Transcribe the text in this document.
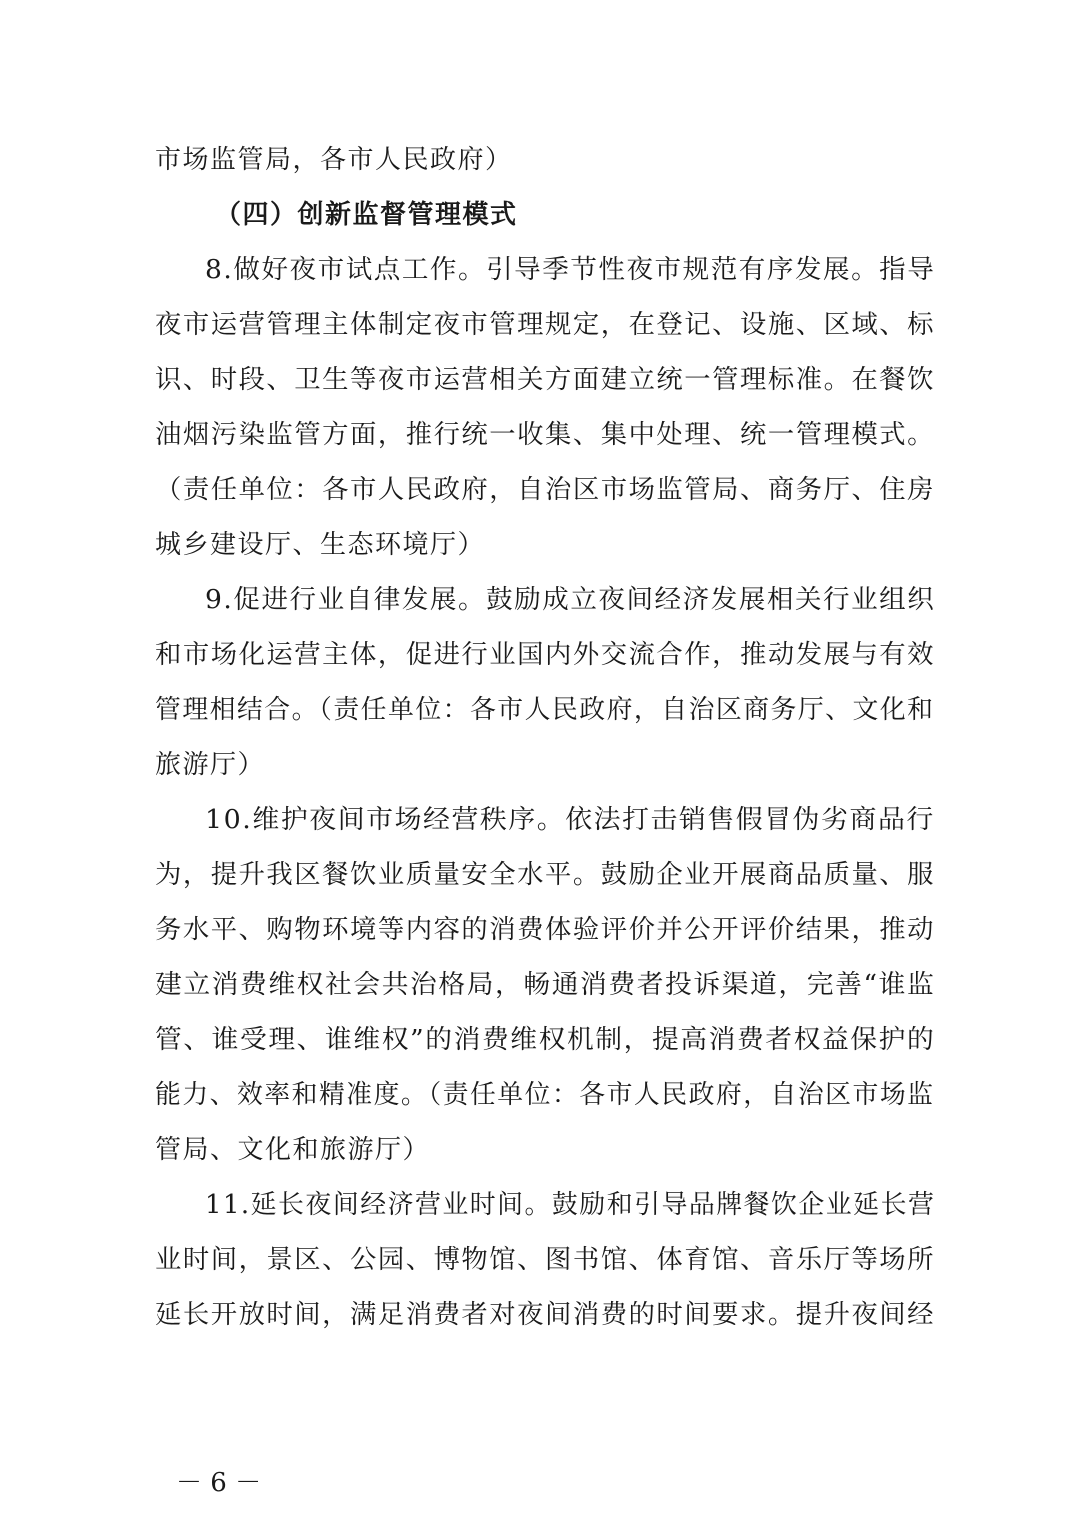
市场监管局，各市人民政府）
（四）创新监督管理模式
8.做好夜市试点工作。引导季节性夜市规范有序发展。指导
夜市运营管理主体制定夜市管理规定，在登记、设施、区域、标
识、时段、卫生等夜市运营相关方面建立统一管理标准。在餐饮
油烟污染监管方面，推行统一收集、集中处理、统一管理模式。
（责任单位：各市人民政府，自治区市场监管局、商务厅、住房
城乡建设厅、生态环境厅）
9.促进行业自律发展。鼓励成立夜间经济发展相关行业组织
和市场化运营主体，促进行业国内外交流合作，推动发展与有效
管理相结合。（责任单位：各市人民政府，自治区商务厅、文化和
旅游厅）
10.维护夜间市场经营秩序。依法打击销售假冒伪劣商品行
为，提升我区餐饮业质量安全水平。鼓励企业开展商品质量、服
务水平、购物环境等内容的消费体验评价并公开评价结果，推动
建立消费维权社会共治格局，畅通消费者投诉渠道，完善“谁监
管、谁受理、谁维权”的消费维权机制，提高消费者权益保护的
能力、效率和精准度。（责任单位：各市人民政府，自治区市场监
管局、文化和旅游厅）
11.延长夜间经济营业时间。鼓励和引导品牌餐饮企业延长营
业时间，景区、公园、博物馆、图书馆、体育馆、音乐厅等场所
延长开放时间，满足消费者对夜间消费的时间要求。提升夜间经
－ 6 －
